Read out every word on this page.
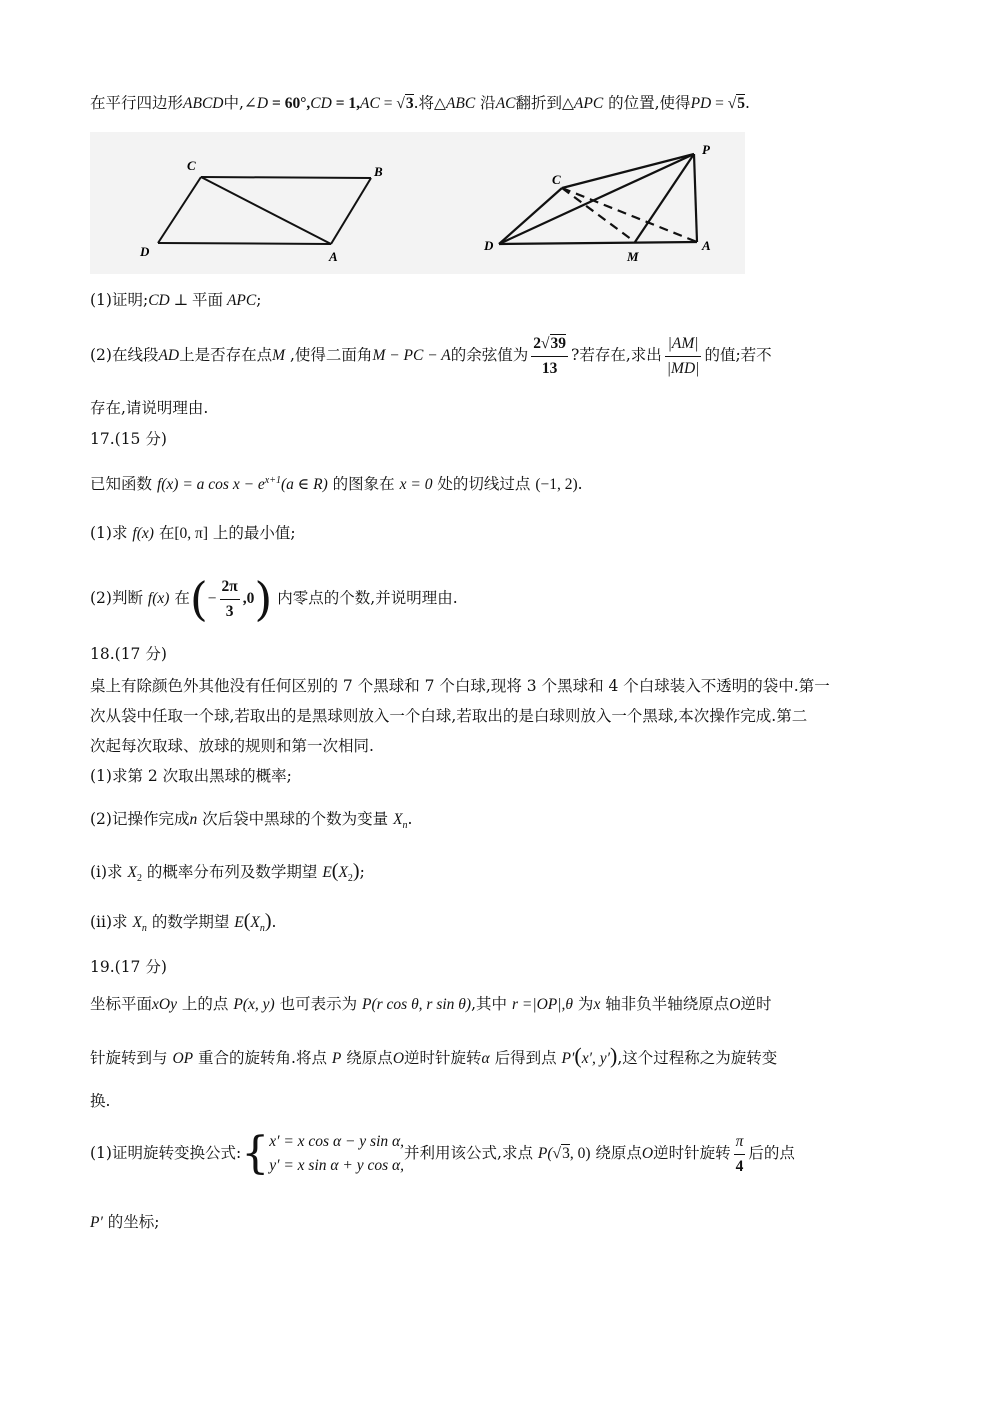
在平行四边形ABCD中,∠D = 60°,CD = 1,AC = √3.将△ABC 沿AC翻折到△APC 的位置,使得PD = √5.
C	B
D	A
P
C
D
M
A
(1)证明;CD ⊥ 平面 APC;
(2)在线段AD上是否存在点M ,使得二面角M − PC − A的余弦值为 $\frac{2√39}{13}$ ?若存在,求出 $\frac{|AM|}{|MD|}$ 的值;若不
存在,请说明理由.
17.(15 分)
已知函数 f(x) = a $\cos x - e^{x+1}(a$ ∈ R) 的图象在 x = 0 处的切线过点 (−1, 2).
(1)求 f(x) 在[0, π] 上的最小值;
(2)判断 f(x) 在(− $\frac{2\pi}{3} ,0$) 内零点的个数,并说明理由.
18.(17 分)
桌上有除颜色外其他没有任何区别的 7 个黑球和 7 个白球,现将 3 个黑球和 4 个白球装入不透明的袋中.第一
次从袋中任取一个球,若取出的是黑球则放入一个白球,若取出的是白球则放入一个黑球,本次操作完成.第二
次起每次取球、放球的规则和第一次相同.
(1)求第 2 次取出黑球的概率;
(2)记操作完成n 次后袋中黑球的个数为变量 $X_n$.
(i)求 $X_2$ 的概率分布列及数学期望 $E(X_2)$;
(ii)求 $X_n$ 的数学期望 $E(X_n)$.
19.(17 分)
坐标平面xOy 上的点 P(x, y) 也可表示为 P(r cos θ, r sin θ),其中 r =|OP|,θ 为x 轴非负半轴绕原点O逆时
针旋转到与 OP 重合的旋转角.将点 P 绕原点O逆时针旋转α 后得到点 P′(x′, y′),这个过程称之为旋转变
换.
(1)证明旋转变换公式:{ x′ = x cos α − y sin α,
y′ = x sin α + y cos α,
并利用该公式,求点 P(√3, 0) 绕原点O逆时针旋转 $\frac{\pi}{4}$ 后的点
P′ 的坐标;
